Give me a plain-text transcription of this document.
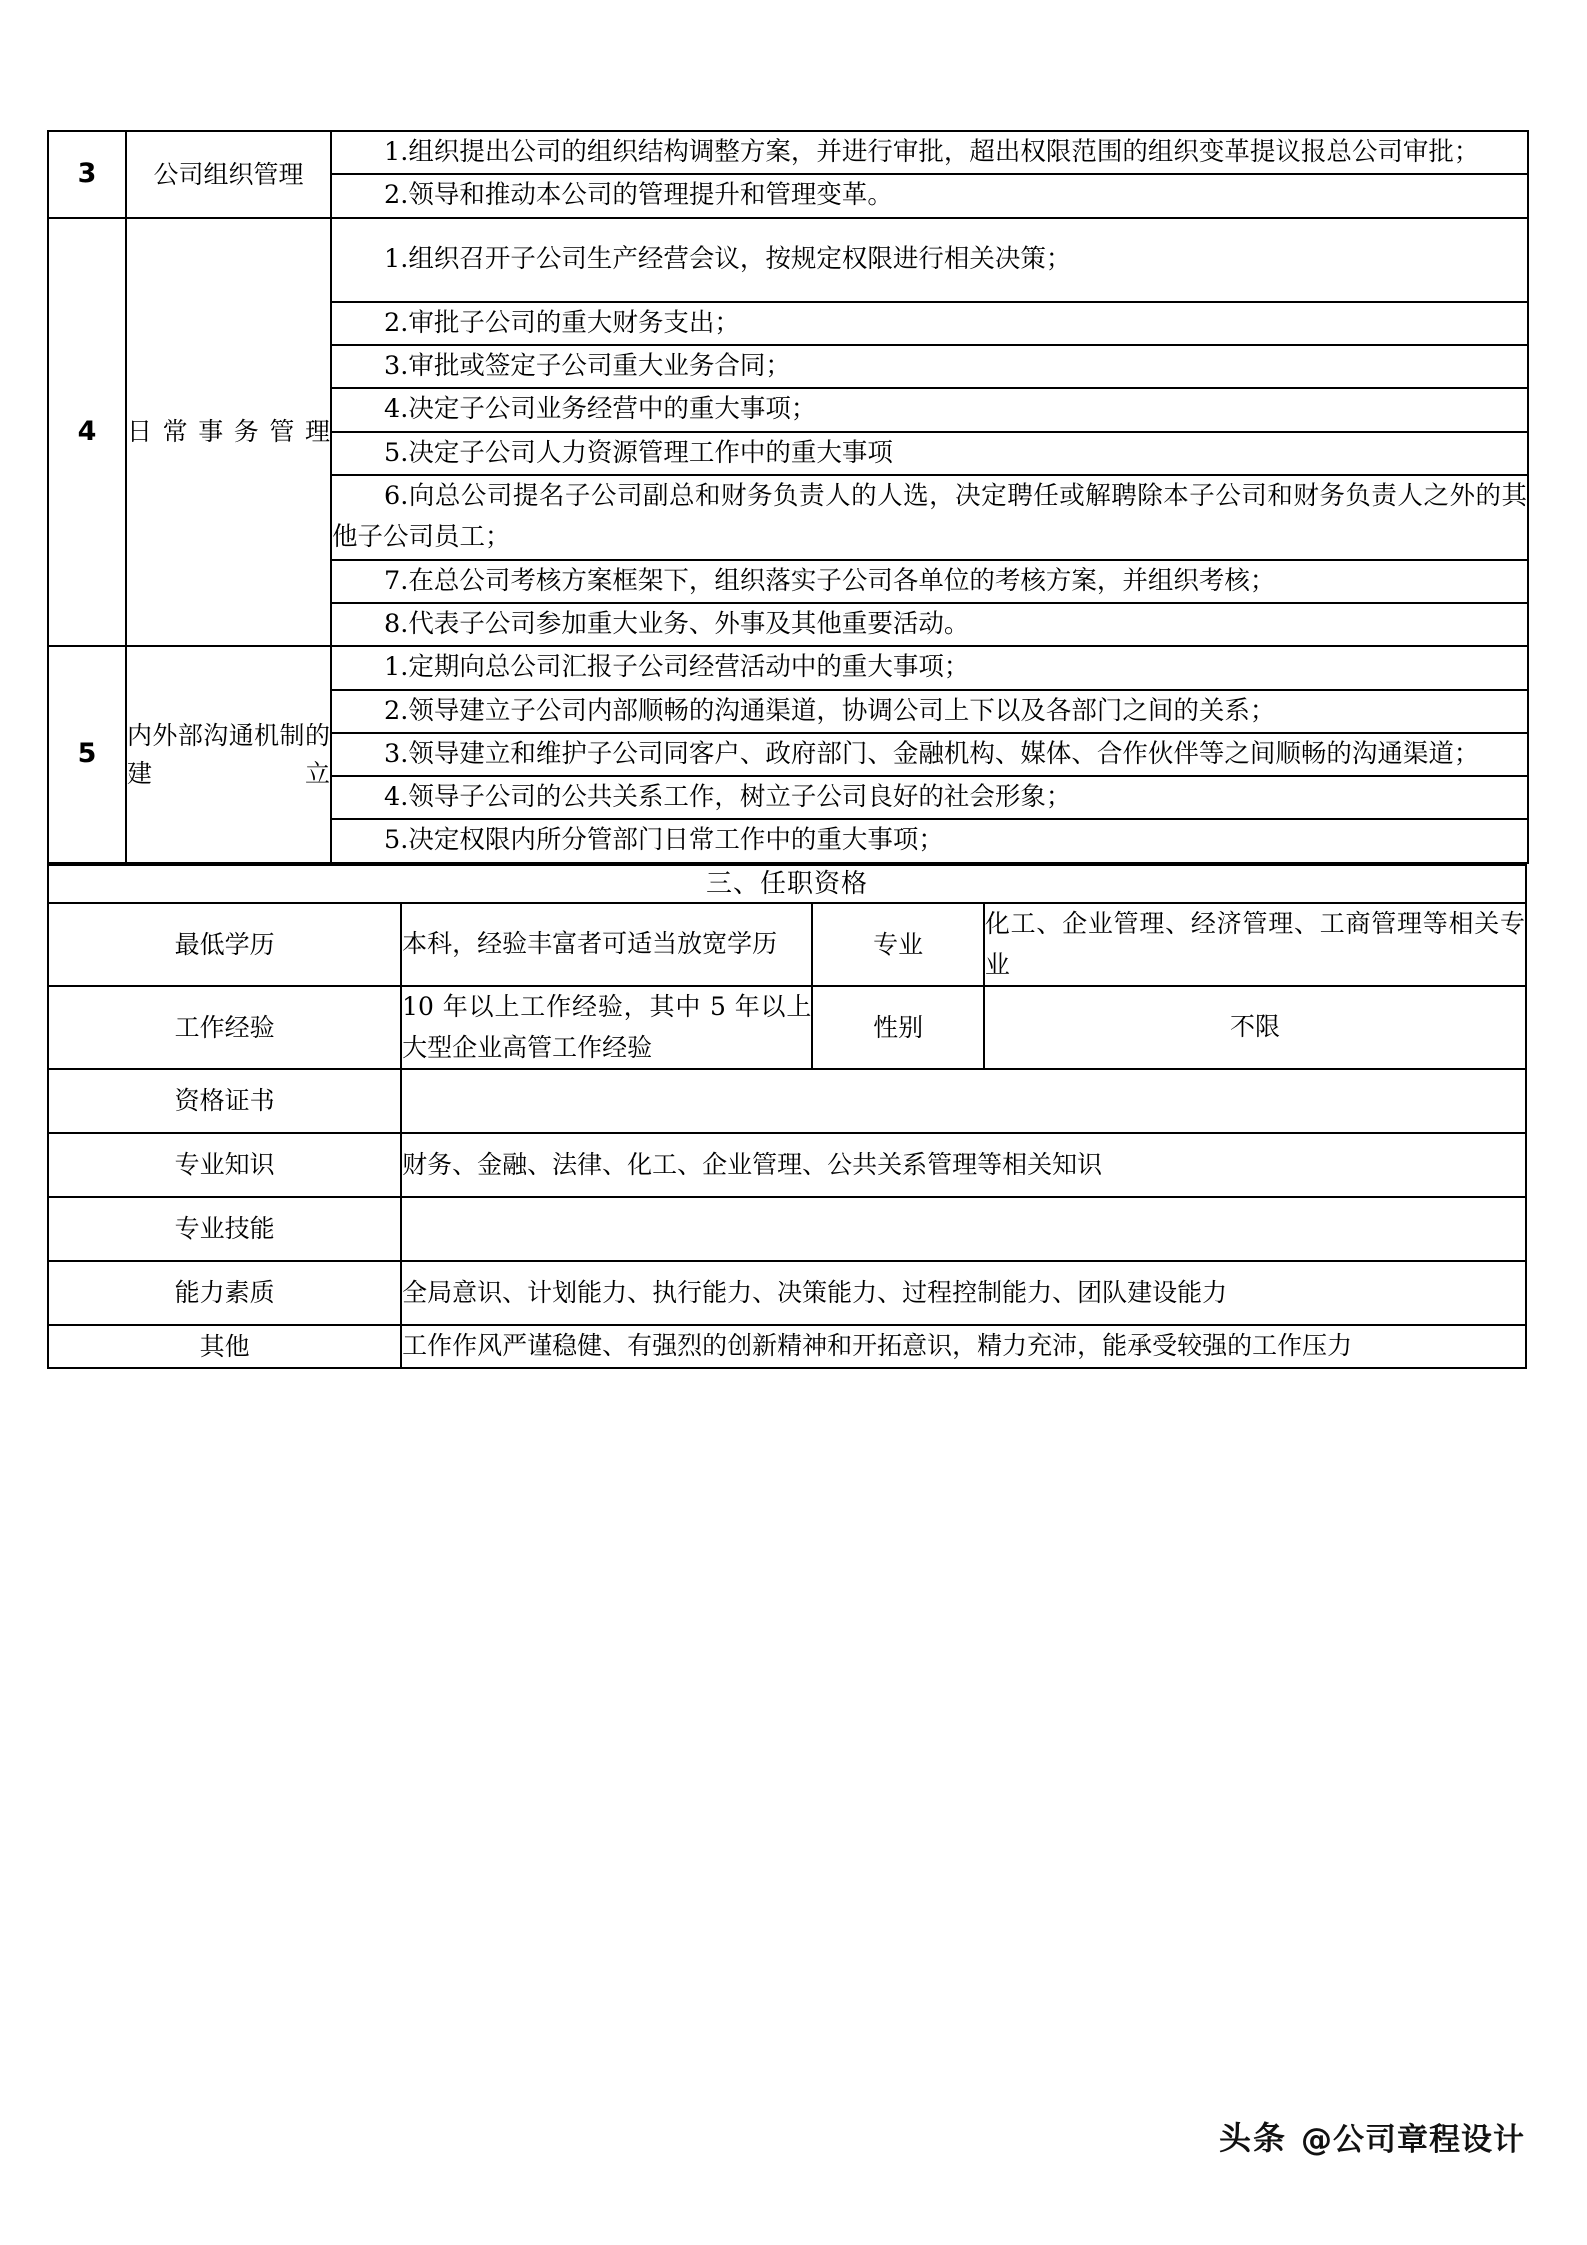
3	公司组织管理	1.组织提出公司的组织结构调整方案，并进行审批，超出权限范围的组织变革提议报总公司审批；
		2.领导和推动本公司的管理提升和管理变革。
4	日常事务管理	1.组织召开子公司生产经营会议，按规定权限进行相关决策；
		2.审批子公司的重大财务支出；
		3.审批或签定子公司重大业务合同；
		4.决定子公司业务经营中的重大事项；
		5.决定子公司人力资源管理工作中的重大事项
		6.向总公司提名子公司副总和财务负责人的人选，决定聘任或解聘除本子公司和财务负责人之外的其他子公司员工；
		7.在总公司考核方案框架下，组织落实子公司各单位的考核方案，并组织考核；
		8.代表子公司参加重大业务、外事及其他重要活动。
5	内外部沟通机制的建立	1.定期向总公司汇报子公司经营活动中的重大事项；
		2.领导建立子公司内部顺畅的沟通渠道，协调公司上下以及各部门之间的关系；
		3.领导建立和维护子公司同客户、政府部门、金融机构、媒体、合作伙伴等之间顺畅的沟通渠道；
		4.领导子公司的公共关系工作，树立子公司良好的社会形象；
		5.决定权限内所分管部门日常工作中的重大事项；
三、任职资格			
最低学历	本科，经验丰富者可适当放宽学历	专业	化工、企业管理、经济管理、工商管理等相关专业
工作经验	10 年以上工作经验，其中 5 年以上大型企业高管工作经验	性别	不限
资格证书			
专业知识	财务、金融、法律、化工、企业管理、公共关系管理等相关知识		
专业技能			
能力素质	全局意识、计划能力、执行能力、决策能力、过程控制能力、团队建设能力		
其他	工作作风严谨稳健、有强烈的创新精神和开拓意识，精力充沛，能承受较强的工作压力		
头条 @公司章程设计
